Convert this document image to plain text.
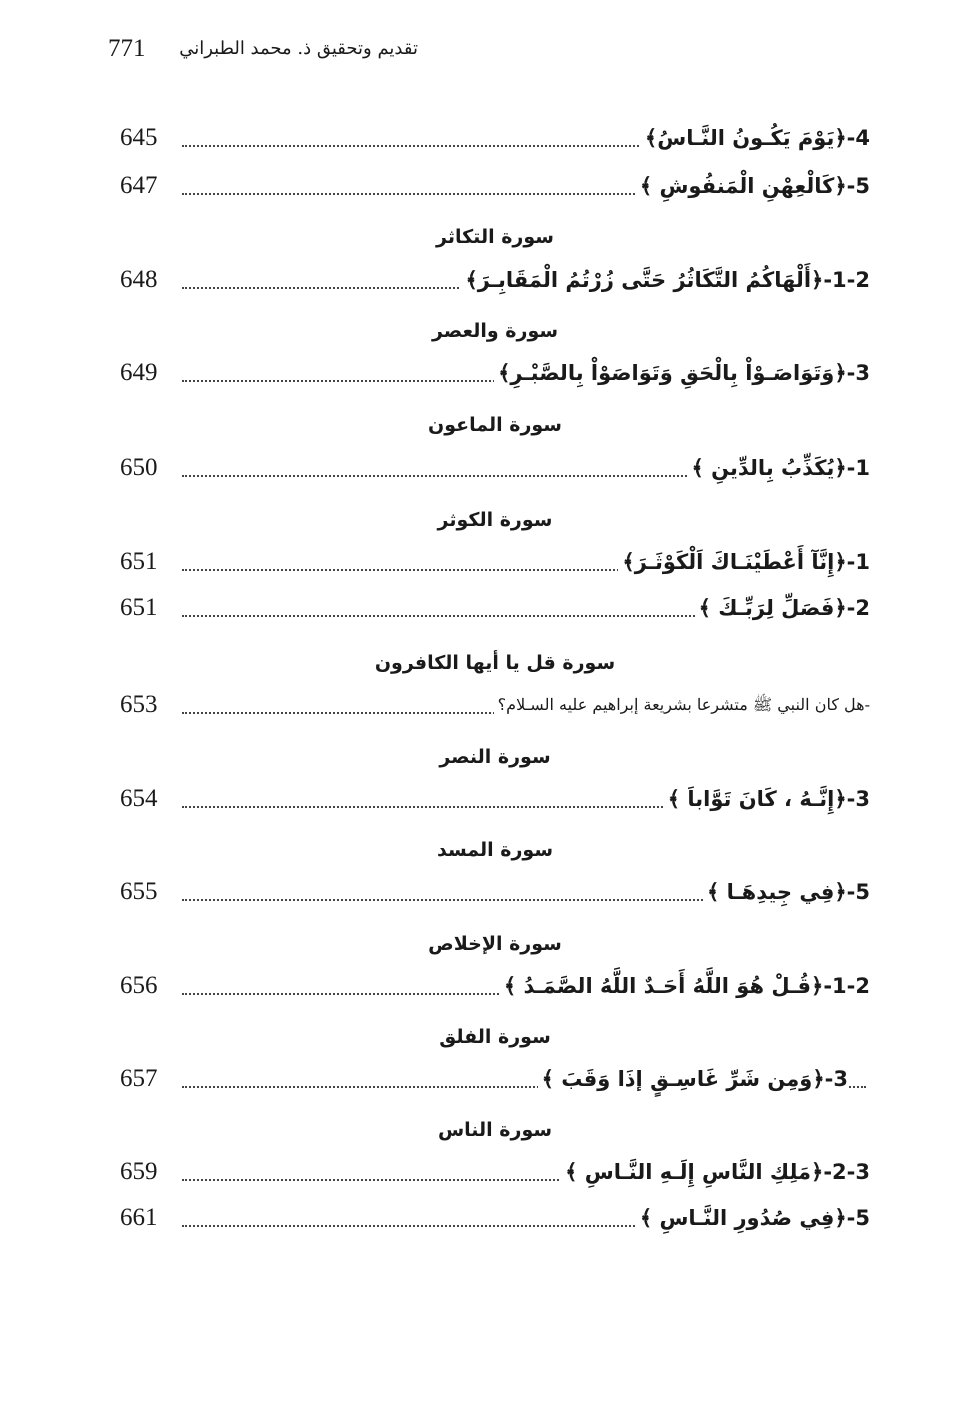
771 تقديم وتحقيق ذ. محمد الطبراني
645	4-﴿يَوْمَ يَكُـونُ النَّـاسُ﴾
647	5-﴿كَالْعِهْنِ الْمَنفُوشِ ﴾
سورة التكاثر
648	1-2-﴿أَلْهَاكُمُ التَّكَاثُرُ حَتَّى زُرْتُمُ الْمَقَابِـرَ﴾
سورة والعصر
649	3-﴿وَتَوَاصَـوْاْ بِالْحَقِ وَتَوَاصَوْاْ بِالصَّبْـرِ﴾
سورة الماعون
650	1-﴿يُكَذِّبُ بِالدِّينِ ﴾
سورة الكوثر
651	1-﴿إِنَّآ أَعْطَيْنَـاكَ اَلْكَوْثَـرَ﴾
651	2-﴿فَصَلِّ لِرَبِّـكَ ﴾
سورة قل يا أيها الكافرون
653	-هل كان النبي ﷺ متشرعا بشريعة إبراهيم عليه السـلام؟
سورة النصر
654	3-﴿إِنَّـهُ ، كَانَ تَوَّاباَ ﴾
سورة المسد
655	5-﴿فِي جِيدِهَـا ﴾
سورة الإخلاص
656	1-2-﴿قُـلْ هُوَ اللَّهُ أَحَـدٌ اللَّهُ الصَّمَـدُ ﴾
سورة الفلق
657	3-﴿وَمِن شَرِّ غَاسِـقٍ إذَا وَقَبَ ﴾
سورة الناس
659	2-3-﴿مَلِكِ النَّاسِ إِلَـهِ النَّـاسِ ﴾
661	5-﴿فِي صُدُورِ النَّـاسِ ﴾
